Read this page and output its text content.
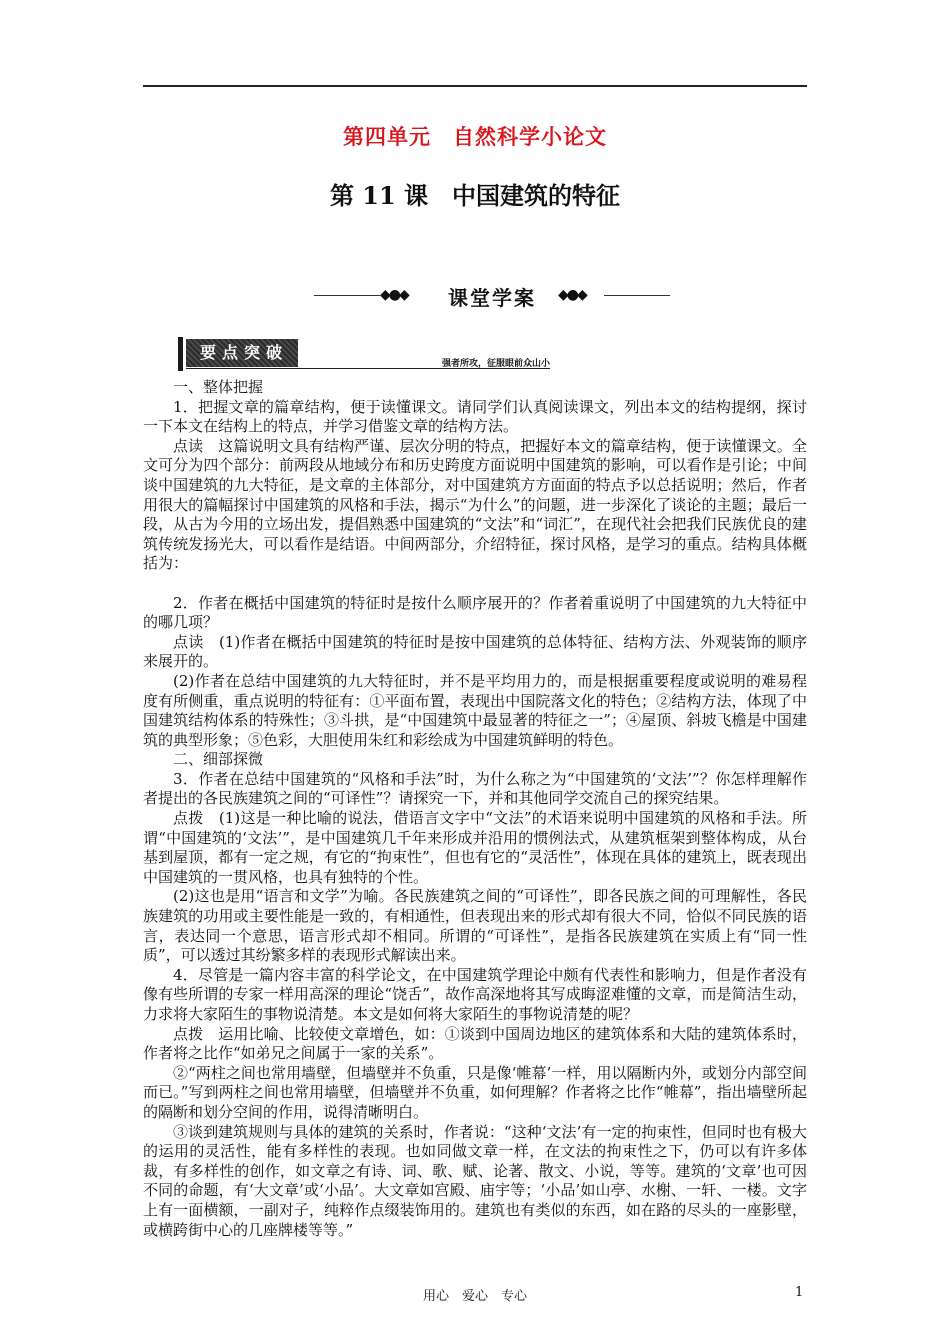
第四单元　自然科学小论文
第 11 课　中国建筑的特征
◆●◆	课堂学案	◆●◆
要点突破
强者所攻，征服眼前众山小

一、整体把握

1．把握文章的篇章结构，便于读懂课文。请同学们认真阅读课文，列出本文的结构提纲，探讨一下本文在结构上的特点，并学习借鉴文章的结构方法。

点读　这篇说明文具有结构严谨、层次分明的特点，把握好本文的篇章结构，便于读懂课文。全文可分为四个部分：前两段从地域分布和历史跨度方面说明中国建筑的影响，可以看作是引论；中间谈中国建筑的九大特征，是文章的主体部分，对中国建筑方方面面的特点予以总括说明；然后，作者用很大的篇幅探讨中国建筑的风格和手法，揭示“为什么”的问题，进一步深化了谈论的主题；最后一段，从古为今用的立场出发，提倡熟悉中国建筑的“文法”和“词汇”，在现代社会把我们民族优良的建筑传统发扬光大，可以看作是结语。中间两部分，介绍特征，探讨风格，是学习的重点。结构具体概括为：

2．作者在概括中国建筑的特征时是按什么顺序展开的？作者着重说明了中国建筑的九大特征中的哪几项？

点读　(1)作者在概括中国建筑的特征时是按中国建筑的总体特征、结构方法、外观装饰的顺序来展开的。

(2)作者在总结中国建筑的九大特征时，并不是平均用力的，而是根据重要程度或说明的难易程度有所侧重，重点说明的特征有：①平面布置，表现出中国院落文化的特色；②结构方法，体现了中国建筑结构体系的特殊性；③斗拱，是“中国建筑中最显著的特征之一”；④屋顶、斜坡飞檐是中国建筑的典型形象；⑤色彩，大胆使用朱红和彩绘成为中国建筑鲜明的特色。

二、细部探微

3．作者在总结中国建筑的“风格和手法”时，为什么称之为“中国建筑的‘文法’”？你怎样理解作者提出的各民族建筑之间的“可译性”？请探究一下，并和其他同学交流自己的探究结果。

点拨　(1)这是一种比喻的说法，借语言文字中“文法”的术语来说明中国建筑的风格和手法。所谓“中国建筑的‘文法’”，是中国建筑几千年来形成并沿用的惯例法式，从建筑框架到整体构成，从台基到屋顶，都有一定之规，有它的“拘束性”，但也有它的“灵活性”，体现在具体的建筑上，既表现出中国建筑的一贯风格，也具有独特的个性。

(2)这也是用“语言和文学”为喻。各民族建筑之间的“可译性”，即各民族之间的可理解性，各民族建筑的功用或主要性能是一致的，有相通性，但表现出来的形式却有很大不同，恰似不同民族的语言，表达同一个意思，语言形式却不相同。所谓的“可译性”，是指各民族建筑在实质上有“同一性质”，可以透过其纷繁多样的表现形式解读出来。

4．尽管是一篇内容丰富的科学论文，在中国建筑学理论中颇有代表性和影响力，但是作者没有像有些所谓的专家一样用高深的理论“饶舌”，故作高深地将其写成晦涩难懂的文章，而是简洁生动，力求将大家陌生的事物说清楚。本文是如何将大家陌生的事物说清楚的呢？

点拨　运用比喻、比较使文章增色，如：①谈到中国周边地区的建筑体系和大陆的建筑体系时，作者将之比作“如弟兄之间属于一家的关系”。

②“两柱之间也常用墙壁，但墙壁并不负重，只是像‘帷幕’一样，用以隔断内外，或划分内部空间而已。”写到两柱之间也常用墙壁，但墙壁并不负重，如何理解？作者将之比作“帷幕”，指出墙壁所起的隔断和划分空间的作用，说得清晰明白。

③谈到建筑规则与具体的建筑的关系时，作者说：“这种‘文法’有一定的拘束性，但同时也有极大的运用的灵活性，能有多样性的表现。也如同做文章一样，在文法的拘束性之下，仍可以有许多体裁，有多样性的创作，如文章之有诗、词、歌、赋、论著、散文、小说，等等。建筑的‘文章’也可因不同的命题，有‘大文章’或‘小品’。大文章如宫殿、庙宇等；‘小品’如山亭、水榭、一轩、一楼。文字上有一面横额，一副对子，纯粹作点缀装饰用的。建筑也有类似的东西，如在路的尽头的一座影壁，或横跨街中心的几座牌楼等等。”

用心　爱心　专心	1
